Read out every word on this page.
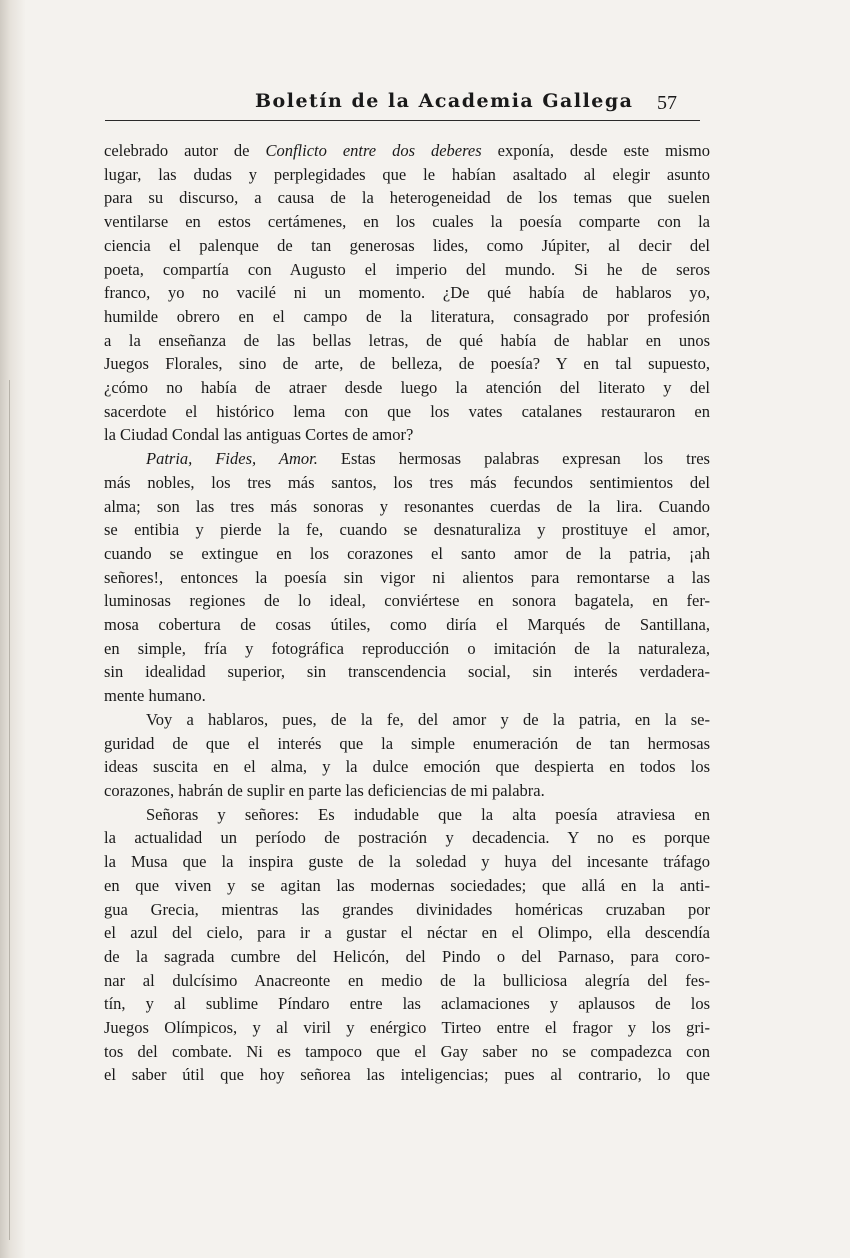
Boletín de la Academia Gallega 57
celebrado autor de Conflicto entre dos deberes exponía, desde este mismo
lugar, las dudas y perplegidades que le habían asaltado al elegir asunto
para su discurso, a causa de la heterogeneidad de los temas que suelen
ventilarse en estos certámenes, en los cuales la poesía comparte con la
ciencia el palenque de tan generosas lides, como Júpiter, al decir del
poeta, compartía con Augusto el imperio del mundo. Si he de seros
franco, yo no vacilé ni un momento. ¿De qué había de hablaros yo,
humilde obrero en el campo de la literatura, consagrado por profesión
a la enseñanza de las bellas letras, de qué había de hablar en unos
Juegos Florales, sino de arte, de belleza, de poesía? Y en tal supuesto,
¿cómo no había de atraer desde luego la atención del literato y del
sacerdote el histórico lema con que los vates catalanes restauraron en
la Ciudad Condal las antiguas Cortes de amor?
Patria, Fides, Amor. Estas hermosas palabras expresan los tres
más nobles, los tres más santos, los tres más fecundos sentimientos del
alma; son las tres más sonoras y resonantes cuerdas de la lira. Cuando
se entibia y pierde la fe, cuando se desnaturaliza y prostituye el amor,
cuando se extingue en los corazones el santo amor de la patria, ¡ah
señores!, entonces la poesía sin vigor ni alientos para remontarse a las
luminosas regiones de lo ideal, conviértese en sonora bagatela, en fer-
mosa cobertura de cosas útiles, como diría el Marqués de Santillana,
en simple, fría y fotográfica reproducción o imitación de la naturaleza,
sin idealidad superior, sin transcendencia social, sin interés verdadera-
mente humano.
Voy a hablaros, pues, de la fe, del amor y de la patria, en la se-
guridad de que el interés que la simple enumeración de tan hermosas
ideas suscita en el alma, y la dulce emoción que despierta en todos los
corazones, habrán de suplir en parte las deficiencias de mi palabra.
Señoras y señores: Es indudable que la alta poesía atraviesa en
la actualidad un período de postración y decadencia. Y no es porque
la Musa que la inspira guste de la soledad y huya del incesante tráfago
en que viven y se agitan las modernas sociedades; que allá en la anti-
gua Grecia, mientras las grandes divinidades homéricas cruzaban por
el azul del cielo, para ir a gustar el néctar en el Olimpo, ella descendía
de la sagrada cumbre del Helicón, del Pindo o del Parnaso, para coro-
nar al dulcísimo Anacreonte en medio de la bulliciosa alegría del fes-
tín, y al sublime Píndaro entre las aclamaciones y aplausos de los
Juegos Olímpicos, y al viril y enérgico Tirteo entre el fragor y los gri-
tos del combate. Ni es tampoco que el Gay saber no se compadezca con
el saber útil que hoy señorea las inteligencias; pues al contrario, lo que
